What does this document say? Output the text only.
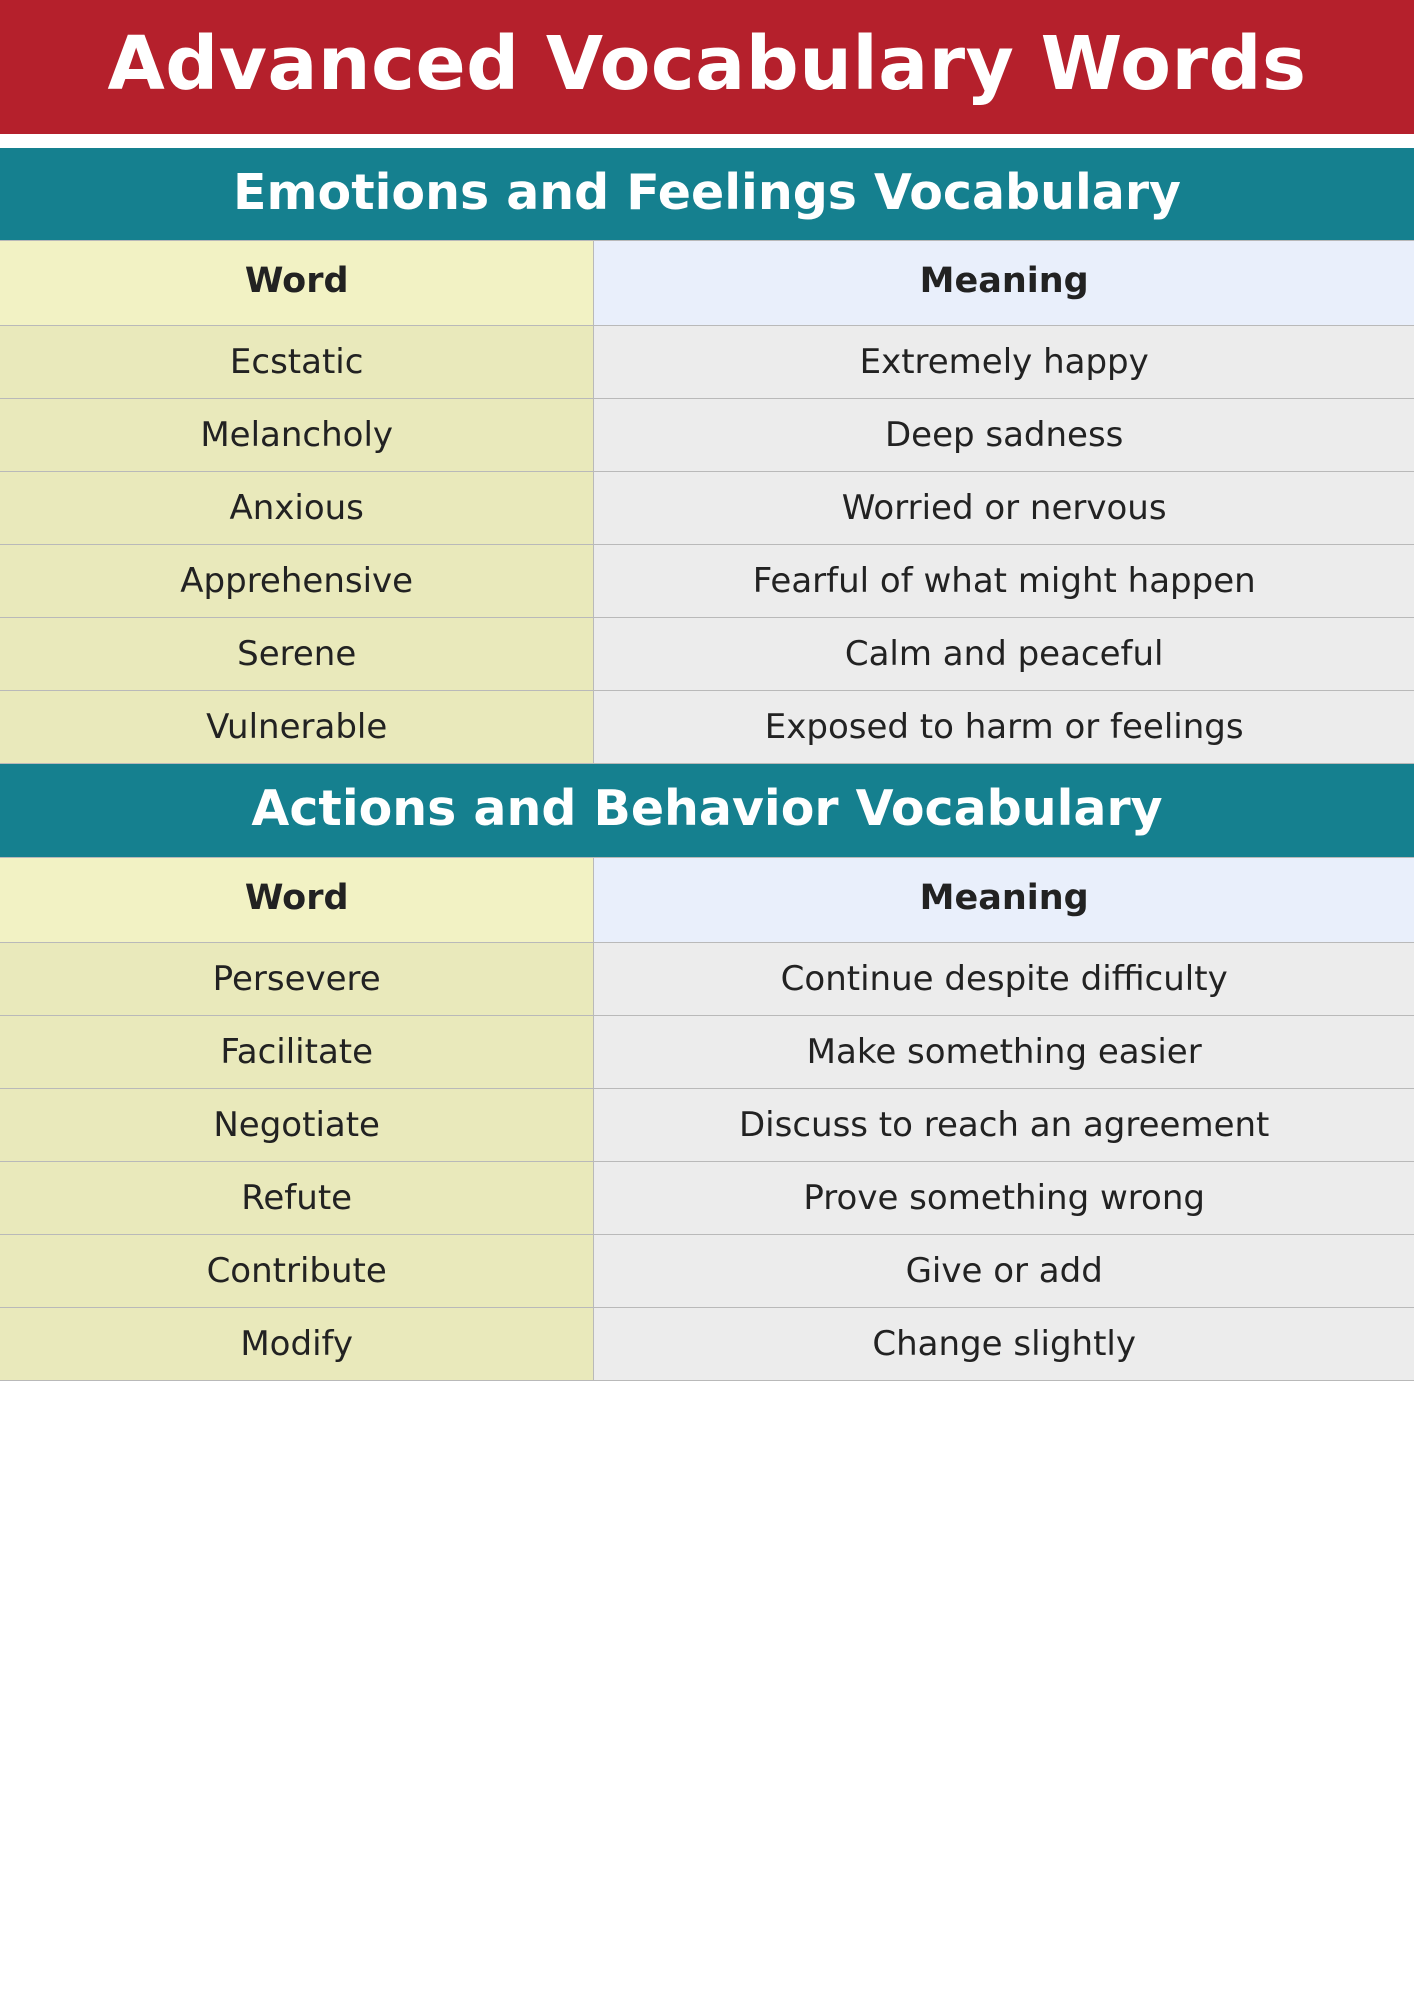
Advanced Vocabulary Words
Emotions and Feelings Vocabulary
Word	Meaning
Ecstatic	Extremely happy
Melancholy	Deep sadness
Anxious	Worried or nervous
Apprehensive	Fearful of what might happen
Serene	Calm and peaceful
Vulnerable	Exposed to harm or feelings
Actions and Behavior Vocabulary
Word	Meaning
Persevere	Continue despite difficulty
Facilitate	Make something easier
Negotiate	Discuss to reach an agreement
Refute	Prove something wrong
Contribute	Give or add
Modify	Change slightly
